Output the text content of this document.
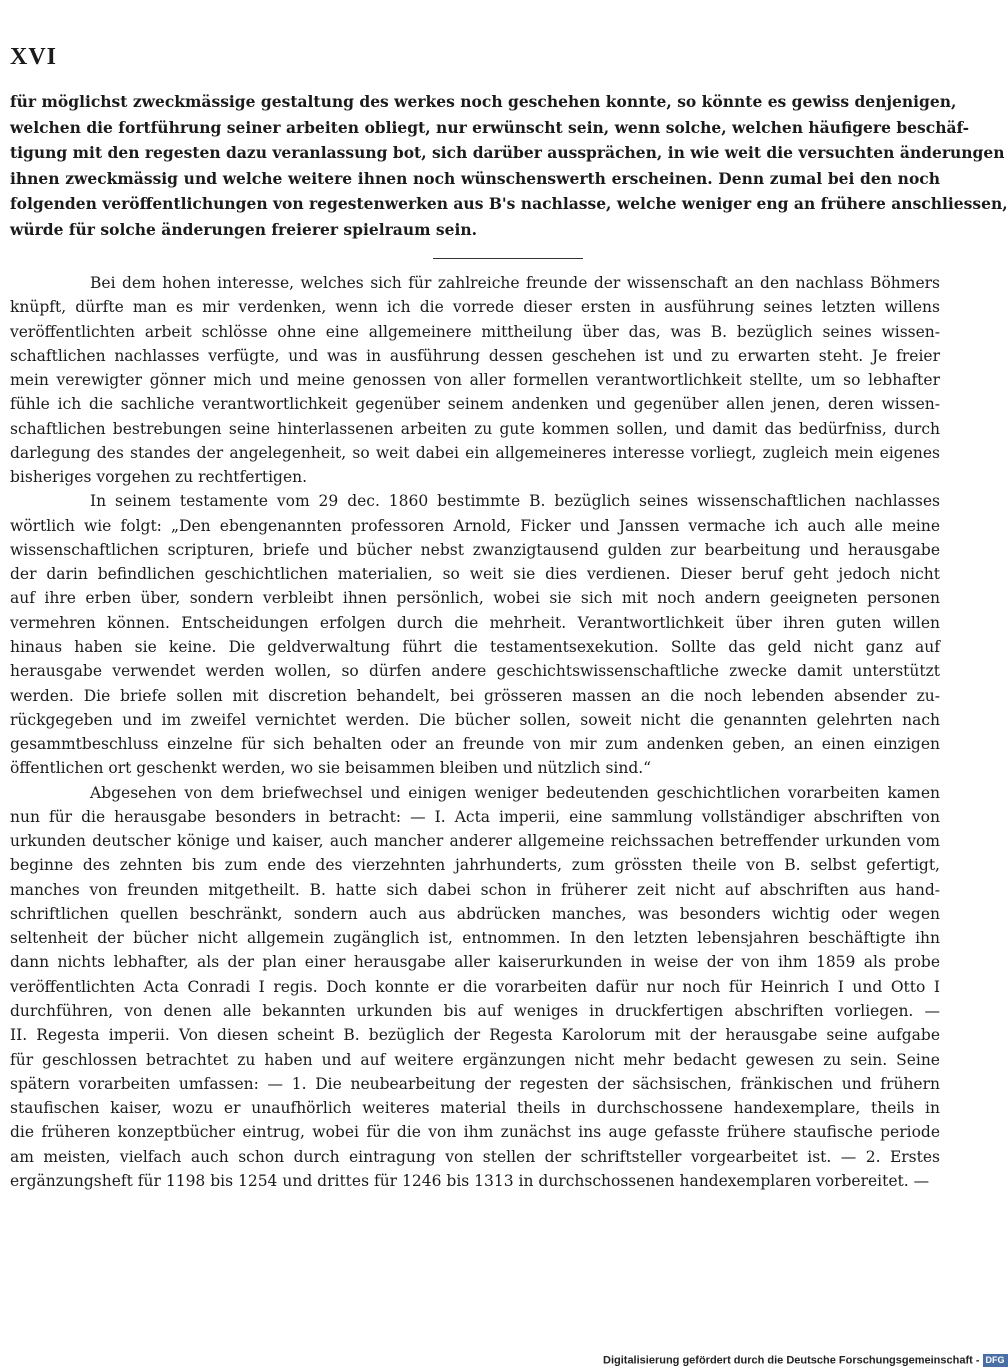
XVI
für möglichst zweckmässige gestaltung des werkes noch geschehen konnte, so könnte es gewiss denjenigen,
welchen die fortführung seiner arbeiten obliegt, nur erwünscht sein, wenn solche, welchen häufigere beschäf-
tigung mit den regesten dazu veranlassung bot, sich darüber aussprächen, in wie weit die versuchten änderungen
ihnen zweckmässig und welche weitere ihnen noch wünschenswerth erscheinen. Denn zumal bei den noch
folgenden veröffentlichungen von regestenwerken aus B's nachlasse, welche weniger eng an frühere anschliessen,
würde für solche änderungen freierer spielraum sein.
Bei dem hohen interesse, welches sich für zahlreiche freunde der wissenschaft an den nachlass Böhmers
knüpft, dürfte man es mir verdenken, wenn ich die vorrede dieser ersten in ausführung seines letzten willens
veröffentlichten arbeit schlösse ohne eine allgemeinere mittheilung über das, was B. bezüglich seines wissen-
schaftlichen nachlasses verfügte, und was in ausführung dessen geschehen ist und zu erwarten steht. Je freier
mein verewigter gönner mich und meine genossen von aller formellen verantwortlichkeit stellte, um so lebhafter
fühle ich die sachliche verantwortlichkeit gegenüber seinem andenken und gegenüber allen jenen, deren wissen-
schaftlichen bestrebungen seine hinterlassenen arbeiten zu gute kommen sollen, und damit das bedürfniss, durch
darlegung des standes der angelegenheit, so weit dabei ein allgemeineres interesse vorliegt, zugleich mein eigenes
bisheriges vorgehen zu rechtfertigen.
In seinem testamente vom 29 dec. 1860 bestimmte B. bezüglich seines wissenschaftlichen nachlasses
wörtlich wie folgt: „Den ebengenannten professoren Arnold, Ficker und Janssen vermache ich auch alle meine
wissenschaftlichen scripturen, briefe und bücher nebst zwanzigtausend gulden zur bearbeitung und herausgabe
der darin befindlichen geschichtlichen materialien, so weit sie dies verdienen. Dieser beruf geht jedoch nicht
auf ihre erben über, sondern verbleibt ihnen persönlich, wobei sie sich mit noch andern geeigneten personen
vermehren können. Entscheidungen erfolgen durch die mehrheit. Verantwortlichkeit über ihren guten willen
hinaus haben sie keine. Die geldverwaltung führt die testamentsexekution. Sollte das geld nicht ganz auf
herausgabe verwendet werden wollen, so dürfen andere geschichtswissenschaftliche zwecke damit unterstützt
werden. Die briefe sollen mit discretion behandelt, bei grösseren massen an die noch lebenden absender zu-
rückgegeben und im zweifel vernichtet werden. Die bücher sollen, soweit nicht die genannten gelehrten nach
gesammtbeschluss einzelne für sich behalten oder an freunde von mir zum andenken geben, an einen einzigen
öffentlichen ort geschenkt werden, wo sie beisammen bleiben und nützlich sind.“
Abgesehen von dem briefwechsel und einigen weniger bedeutenden geschichtlichen vorarbeiten kamen
nun für die herausgabe besonders in betracht: — I. Acta imperii, eine sammlung vollständiger abschriften von
urkunden deutscher könige und kaiser, auch mancher anderer allgemeine reichssachen betreffender urkunden vom
beginne des zehnten bis zum ende des vierzehnten jahrhunderts, zum grössten theile von B. selbst gefertigt,
manches von freunden mitgetheilt. B. hatte sich dabei schon in früherer zeit nicht auf abschriften aus hand-
schriftlichen quellen beschränkt, sondern auch aus abdrücken manches, was besonders wichtig oder wegen
seltenheit der bücher nicht allgemein zugänglich ist, entnommen. In den letzten lebensjahren beschäftigte ihn
dann nichts lebhafter, als der plan einer herausgabe aller kaiserurkunden in weise der von ihm 1859 als probe
veröffentlichten Acta Conradi I regis. Doch konnte er die vorarbeiten dafür nur noch für Heinrich I und Otto I
durchführen, von denen alle bekannten urkunden bis auf weniges in druckfertigen abschriften vorliegen. —
II. Regesta imperii. Von diesen scheint B. bezüglich der Regesta Karolorum mit der herausgabe seine aufgabe
für geschlossen betrachtet zu haben und auf weitere ergänzungen nicht mehr bedacht gewesen zu sein. Seine
spätern vorarbeiten umfassen: — 1. Die neubearbeitung der regesten der sächsischen, fränkischen und frühern
staufischen kaiser, wozu er unaufhörlich weiteres material theils in durchschossene handexemplare, theils in
die früheren konzeptbücher eintrug, wobei für die von ihm zunächst ins auge gefasste frühere staufische periode
am meisten, vielfach auch schon durch eintragung von stellen der schriftsteller vorgearbeitet ist. — 2. Erstes
ergänzungsheft für 1198 bis 1254 und drittes für 1246 bis 1313 in durchschossenen handexemplaren vorbereitet. —
Digitalisierung gefördert durch die Deutsche Forschungsgemeinschaft - DFG
